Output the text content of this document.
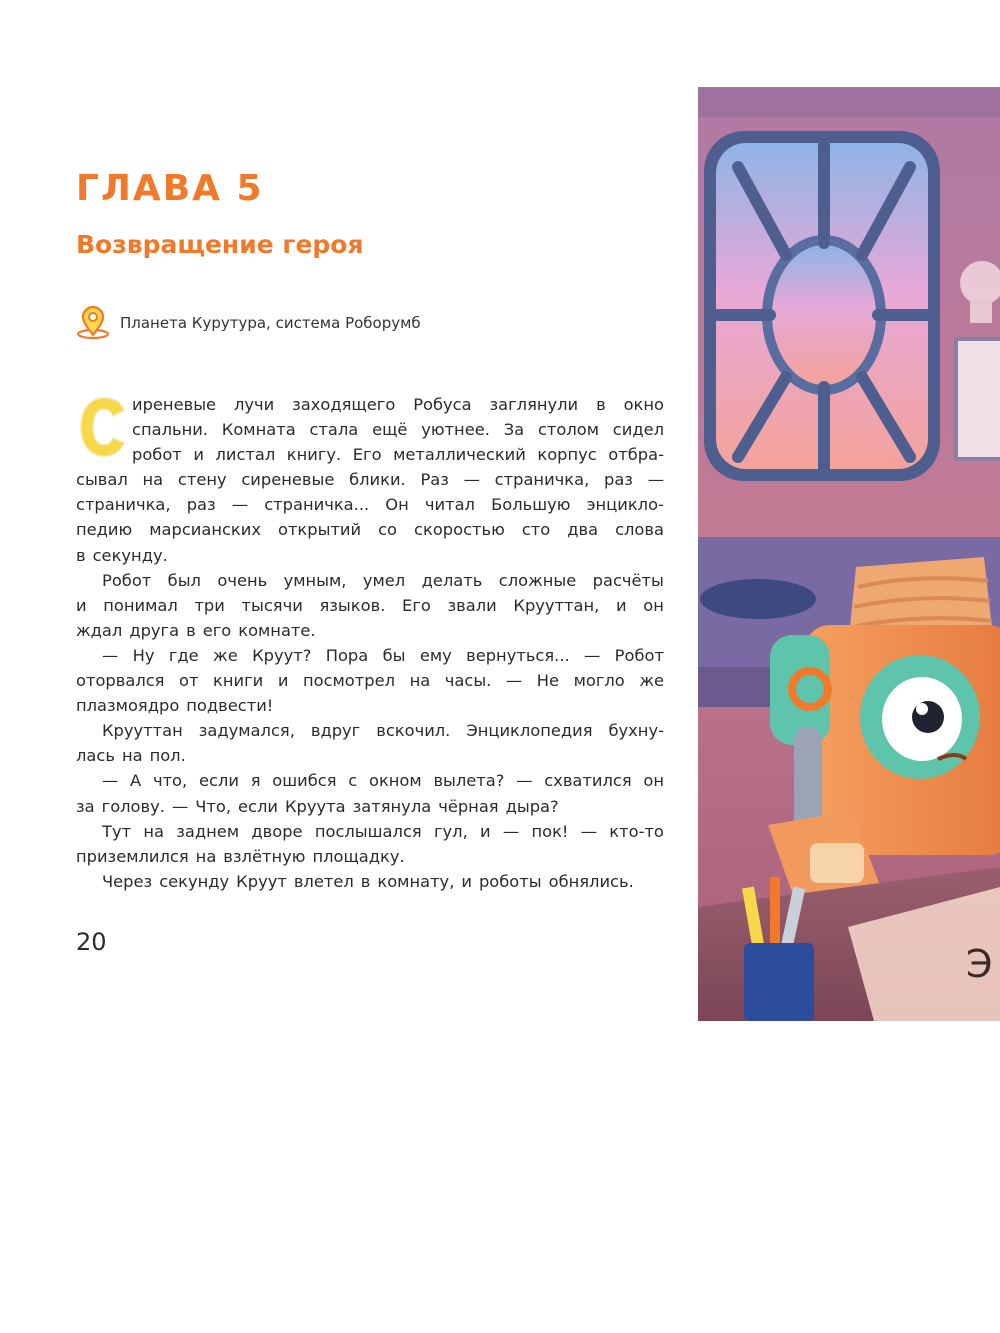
ГЛАВА 5
Возвращение героя
Планета Курутура, система Роборумб
С
иреневые лучи заходящего Робуса заглянули в окно
спальни. Комната стала ещё уютнее. За столом сидел
робот и листал книгу. Его металлический корпус отбра-
сывал на стену сиреневые блики. Раз — страничка, раз —
страничка, раз — страничка... Он читал Большую энцикло-
педию марсианских открытий со скоростью сто два слова
в секунду.
Робот был очень умным, умел делать сложные расчёты
и понимал три тысячи языков. Его звали Крууттан, и он
ждал друга в его комнате.
— Ну где же Круут? Пора бы ему вернуться... — Робот
оторвался от книги и посмотрел на часы. — Не могло же
плазмоядро подвести!
Крууттан задумался, вдруг вскочил. Энциклопедия бухну-
лась на пол.
— А что, если я ошибся с окном вылета? — схватился он
за голову. — Что, если Круута затянула чёрная дыра?
Тут на заднем дворе послышался гул, и — пок! — кто-то
приземлился на взлётную площадку.
Через секунду Круут влетел в комнату, и роботы обнялись.
20	Э
